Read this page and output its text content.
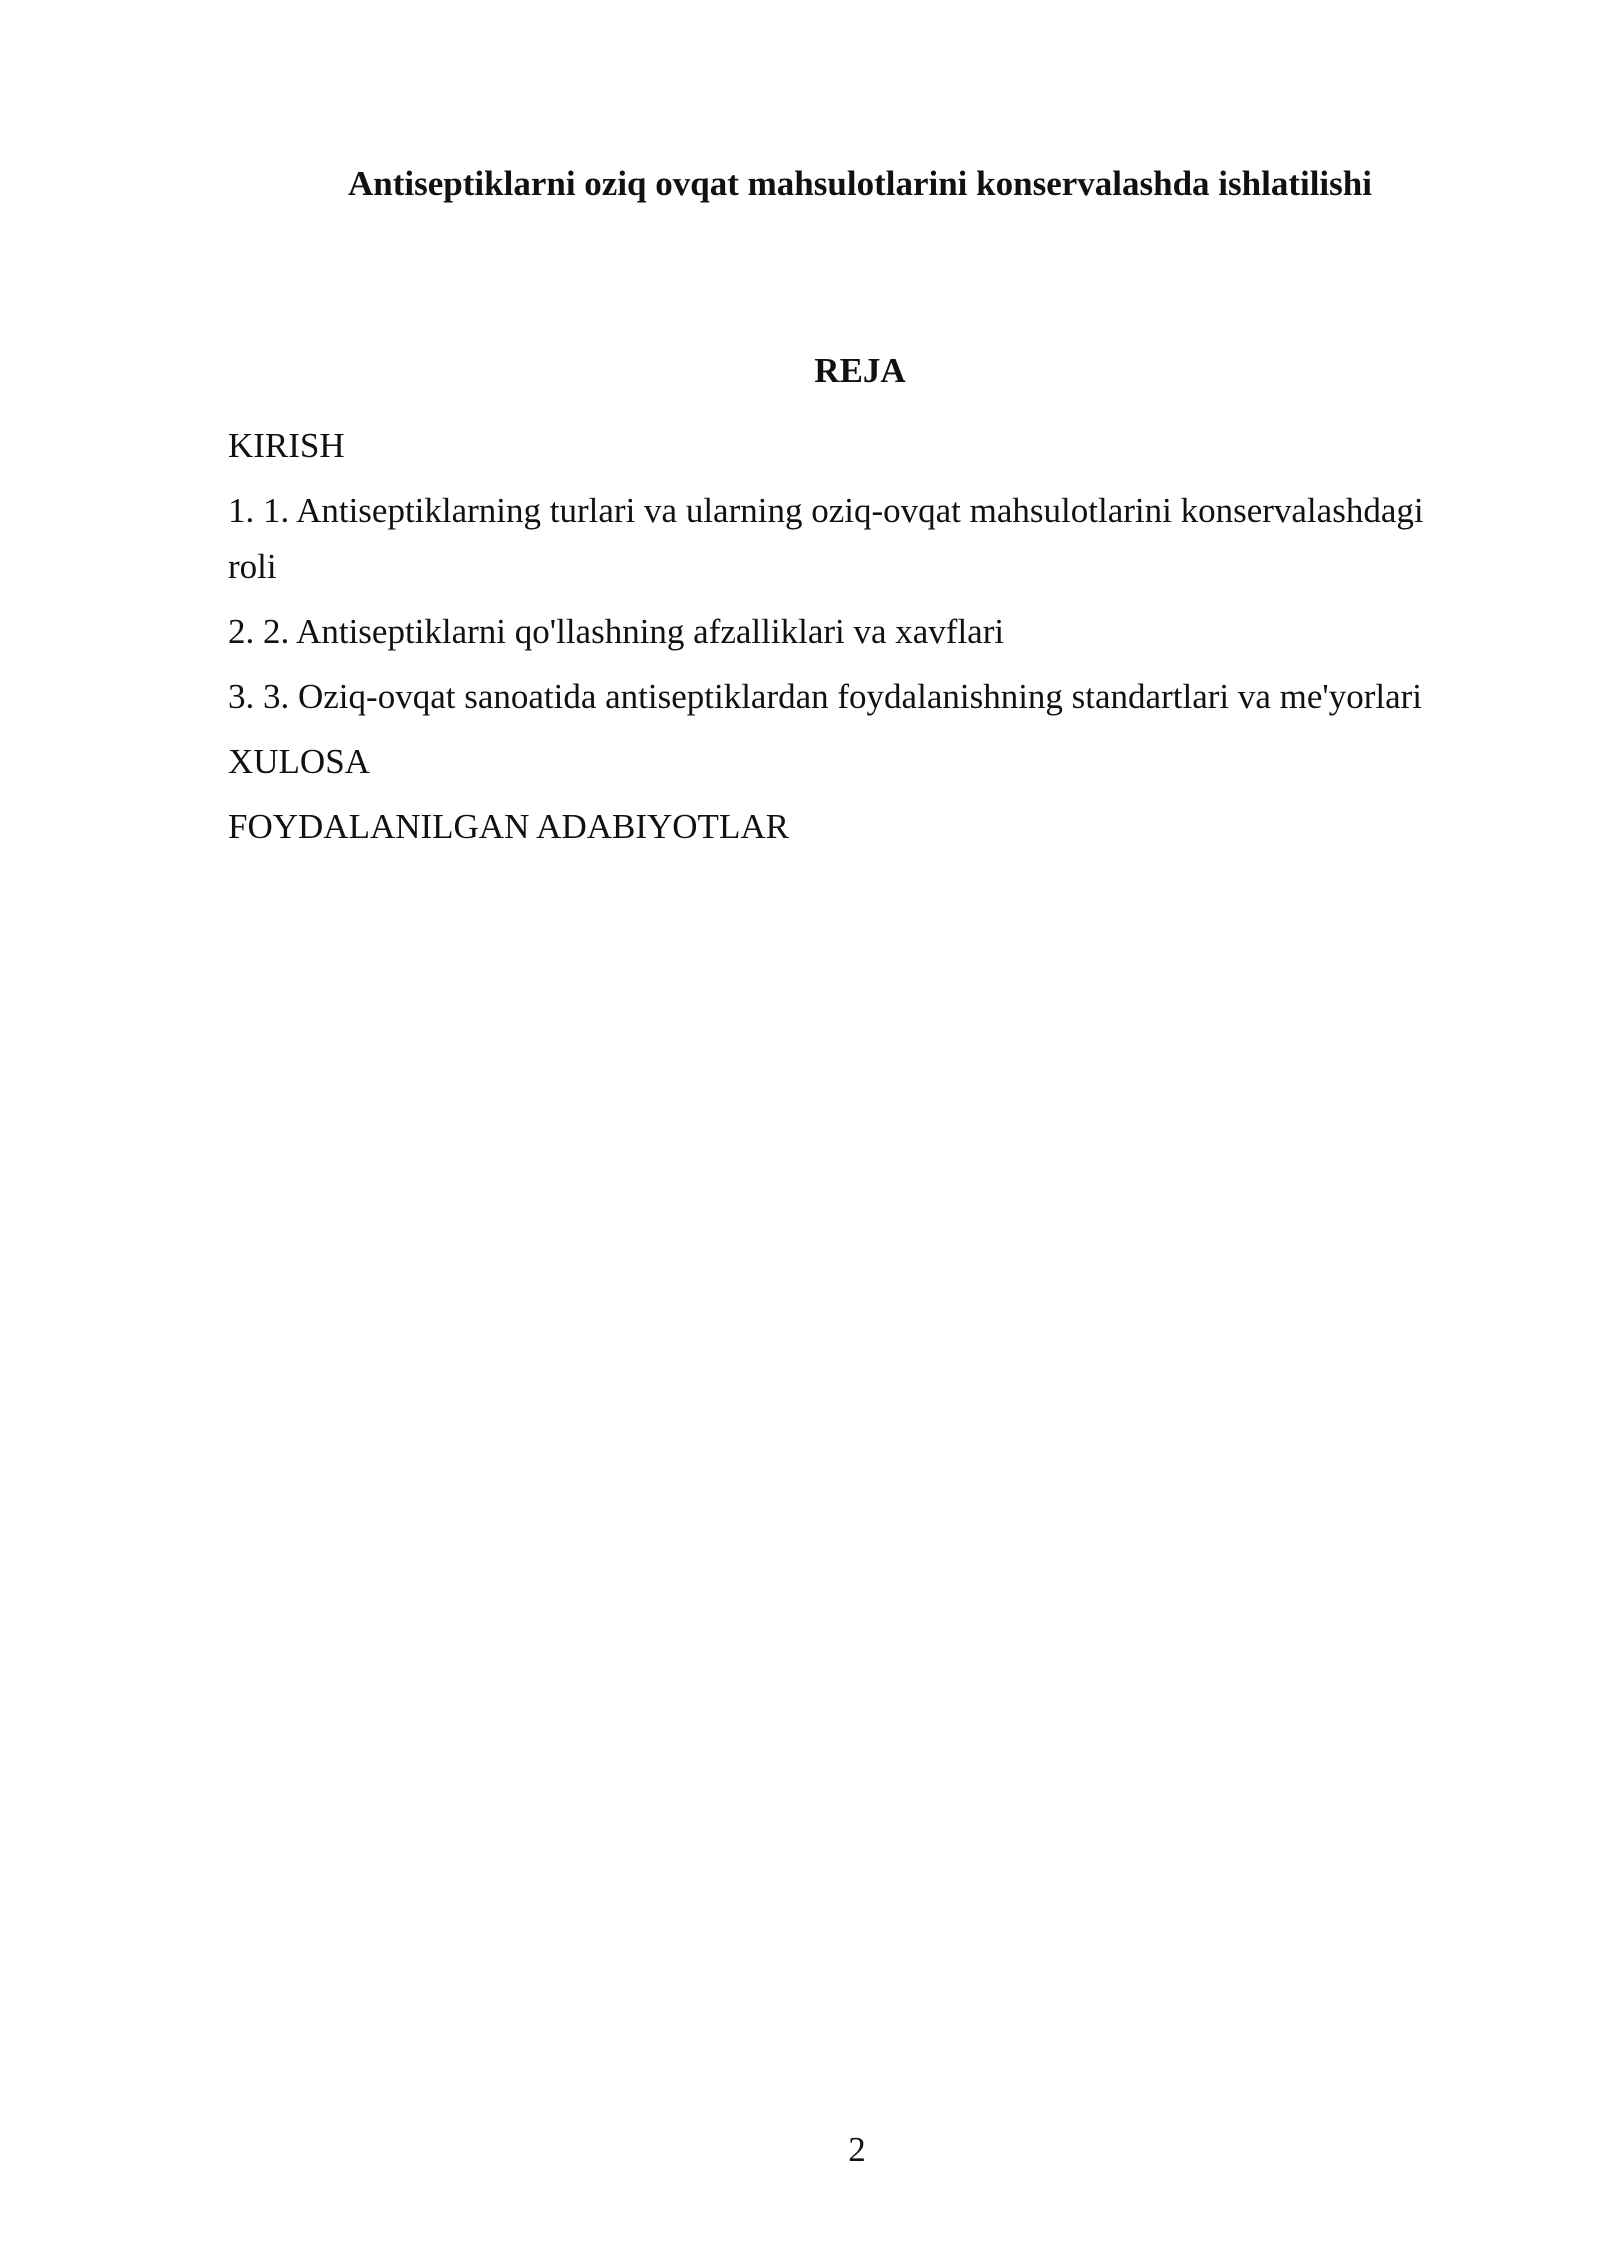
Antiseptiklarni oziq ovqat mahsulotlarini konservalashda ishlatilishi
REJA
KIRISH
1. 1. Antiseptiklarning turlari va ularning oziq-ovqat mahsulotlarini konservalashdagi roli
2. 2. Antiseptiklarni qo'llashning afzalliklari va xavflari
3. 3. Oziq-ovqat sanoatida antiseptiklardan foydalanishning standartlari va me'yorlari
XULOSA
FOYDALANILGAN ADABIYOTLAR
2
